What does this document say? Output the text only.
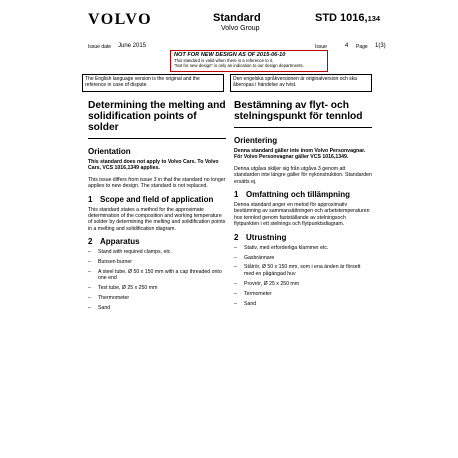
VOLVO	Standard
Volvo Group
STD 1016,134
Issue date June 2015	Issue	4 Page 1(3)
NOT FOR NEW DESIGN AS OF 2015-06-10
This standard is valid when there is a reference to it.
"Not for new design" is only an indication to our design departments.
The English language version is the original and the reference in case of dispute.
Den engelska språkversionen är originalversion och ska åberopas i händelse av tvist.
Determining the melting and solidification points of solder
Orientation

This standard does not apply to Volvo Cars. To Volvo Cars, VCS 1016,1349 applies.

This issue differs from issue 3 in that the standard no longer applies to new design. The standard is not replaced.

1 Scope and field of application

This standard states a method for the approximate determination of the composition and working temperature of solder by determining the melting and solidification points in a melting and solidification diagram.

2 Apparatus
–	Stand with required clamps, etc.
–	Bunsen burner
–	A steel tube, Ø 50 x 150 mm with a cap threaded onto one end
–	Test tube, Ø 25 x 250 mm
–	Thermometer
–	Sand
Bestämning av flyt- och stelningspunkt för tennlod
Orientering

Denna standard gäller inte inom Volvo Personvagnar. För Volvo Personvagnar gäller VCS 1016,1349.

Denna utgåva skiljer sig från utgåva 3 genom att standarden inte längre gäller för nykonstruktion. Standarden ersätts ej.

1 Omfattning och tillämpning

Denna standard anger en metod för approximativ bestämning av sammansättningen och arbetstemperaturen hos tennlod genom fastställande av stelningsoch flytpunkten i ett stelnings och flytpunktsdiagram.

2 Utrustning
–	Stativ, med erforderliga klammer etc.
–	Gasbrännare
–	Stålrör, Ø 50 x 150 mm, som i ena änden är försett med en pågängad huv
–	Provrör, Ø 25 x 250 mm
–	Termometer
–	Sand
